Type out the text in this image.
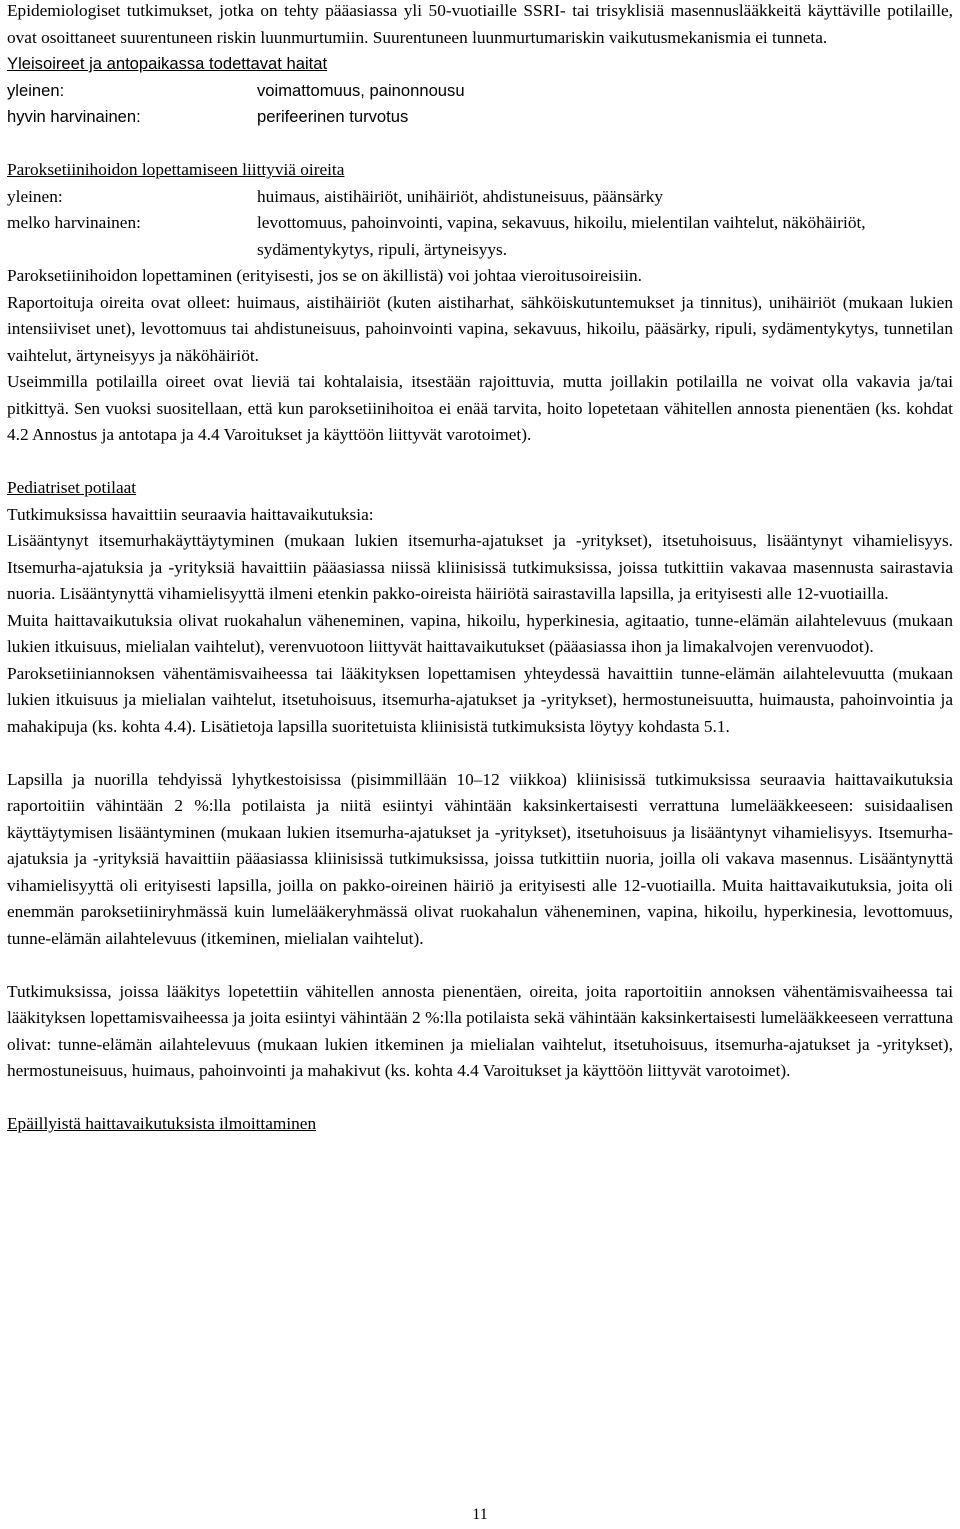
Epidemiologiset tutkimukset, jotka on tehty pääasiassa yli 50-vuotiaille SSRI- tai trisyklisiä masennuslääkkeitä käyttäville potilaille, ovat osoittaneet suurentuneen riskin luunmurtumiin. Suurentuneen luunmurtumariskin vaikutusmekanismia ei tunneta.

Yleisoireet ja antopaikassa todettavat haitat

yleinen:	voimattomuus, painonnousu
hyvin harvinainen:	perifeerinen turvotus

Paroksetiinihoidon lopettamiseen liittyviä oireita

yleinen:	huimaus, aistihäiriöt, unihäiriöt, ahdistuneisuus, päänsärky
melko harvinainen:	levottomuus, pahoinvointi, vapina, sekavuus, hikoilu, mielentilan vaihtelut, näköhäiriöt, sydämentykytys, ripuli, ärtyneisyys.

Paroksetiinihoidon lopettaminen (erityisesti, jos se on äkillistä) voi johtaa vieroitusoireisiin.

Raportoituja oireita ovat olleet: huimaus, aistihäiriöt (kuten aistiharhat, sähköiskutuntemukset ja tinnitus), unihäiriöt (mukaan lukien intensiiviset unet), levottomuus tai ahdistuneisuus, pahoinvointi vapina, sekavuus, hikoilu, pääsärky, ripuli, sydämentykytys, tunnetilan vaihtelut, ärtyneisyys ja näköhäiriöt.

Useimmilla potilailla oireet ovat lieviä tai kohtalaisia, itsestään rajoittuvia, mutta joillakin potilailla ne voivat olla vakavia ja/tai pitkittyä. Sen vuoksi suositellaan, että kun paroksetiinihoitoa ei enää tarvita, hoito lopetetaan vähitellen annosta pienentäen (ks. kohdat 4.2 Annostus ja antotapa ja 4.4 Varoitukset ja käyttöön liittyvät varotoimet).

Pediatriset potilaat

Tutkimuksissa havaittiin seuraavia haittavaikutuksia:

Lisääntynyt itsemurhakäyttäytyminen (mukaan lukien itsemurha-ajatukset ja -yritykset), itsetuhoisuus, lisääntynyt vihamielisyys. Itsemurha-ajatuksia ja -yrityksiä havaittiin pääasiassa niissä kliinisissä tutkimuksissa, joissa tutkittiin vakavaa masennusta sairastavia nuoria. Lisääntynyttä vihamielisyyttä ilmeni etenkin pakko-oireista häiriötä sairastavilla lapsilla, ja erityisesti alle 12-vuotiailla.

Muita haittavaikutuksia olivat ruokahalun väheneminen, vapina, hikoilu, hyperkinesia, agitaatio, tunne-elämän ailahtelevuus (mukaan lukien itkuisuus, mielialan vaihtelut), verenvuotoon liittyvät haittavaikutukset (pääasiassa ihon ja limakalvojen verenvuodot).

Paroksetiiniannoksen vähentämisvaiheessa tai lääkityksen lopettamisen yhteydessä havaittiin tunne-elämän ailahtelevuutta (mukaan lukien itkuisuus ja mielialan vaihtelut, itsetuhoisuus, itsemurha-ajatukset ja -yritykset), hermostuneisuutta, huimausta, pahoinvointia ja mahakipuja (ks. kohta 4.4). Lisätietoja lapsilla suoritetuista kliinisistä tutkimuksista löytyy kohdasta 5.1.

Lapsilla ja nuorilla tehdyissä lyhytkestoisissa (pisimmillään 10–12 viikkoa) kliinisissä tutkimuksissa seuraavia haittavaikutuksia raportoitiin vähintään 2 %:lla potilaista ja niitä esiintyi vähintään kaksinkertaisesti verrattuna lumelääkkeeseen: suisidaalisen käyttäytymisen lisääntyminen (mukaan lukien itsemurha-ajatukset ja -yritykset), itsetuhoisuus ja lisääntynyt vihamielisyys. Itsemurha-ajatuksia ja -yrityksiä havaittiin pääasiassa kliinisissä tutkimuksissa, joissa tutkittiin nuoria, joilla oli vakava masennus. Lisääntynyttä vihamielisyyttä oli erityisesti lapsilla, joilla on pakko-oireinen häiriö ja erityisesti alle 12-vuotiailla. Muita haittavaikutuksia, joita oli enemmän paroksetiiniryhmässä kuin lumelääkeryhmässä olivat ruokahalun väheneminen, vapina, hikoilu, hyperkinesia, levottomuus, tunne-elämän ailahtelevuus (itkeminen, mielialan vaihtelut).

Tutkimuksissa, joissa lääkitys lopetettiin vähitellen annosta pienentäen, oireita, joita raportoitiin annoksen vähentämisvaiheessa tai lääkityksen lopettamisvaiheessa ja joita esiintyi vähintään 2 %:lla potilaista sekä vähintään kaksinkertaisesti lumelääkkeeseen verrattuna olivat: tunne-elämän ailahtelevuus (mukaan lukien itkeminen ja mielialan vaihtelut, itsetuhoisuus, itsemurha-ajatukset ja -yritykset), hermostuneisuus, huimaus, pahoinvointi ja mahakivut (ks. kohta 4.4 Varoitukset ja käyttöön liittyvät varotoimet).

Epäillyistä haittavaikutuksista ilmoittaminen

11
